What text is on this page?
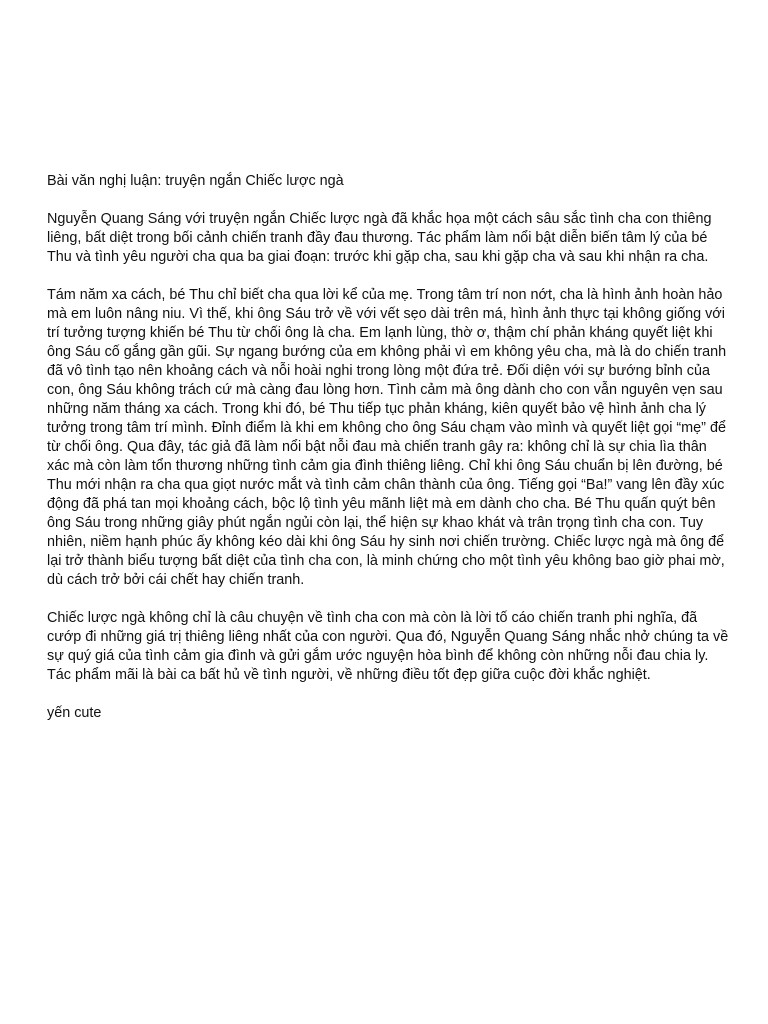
Bài văn nghị luận: truyện ngắn Chiếc lược ngà

Nguyễn Quang Sáng với truyện ngắn Chiếc lược ngà đã khắc họa một cách sâu sắc tình cha con thiêng liêng, bất diệt trong bối cảnh chiến tranh đầy đau thương. Tác phẩm làm nổi bật diễn biến tâm lý của bé Thu và tình yêu người cha qua ba giai đoạn: trước khi gặp cha, sau khi gặp cha và sau khi nhận ra cha.

Tám năm xa cách, bé Thu chỉ biết cha qua lời kể của mẹ. Trong tâm trí non nớt, cha là hình ảnh hoàn hảo mà em luôn nâng niu. Vì thế, khi ông Sáu trở về với vết sẹo dài trên má, hình ảnh thực tại không giống với trí tưởng tượng khiến bé Thu từ chối ông là cha. Em lạnh lùng, thờ ơ, thậm chí phản kháng quyết liệt khi ông Sáu cố gắng gần gũi. Sự ngang bướng của em không phải vì em không yêu cha, mà là do chiến tranh đã vô tình tạo nên khoảng cách và nỗi hoài nghi trong lòng một đứa trẻ. Đối diện với sự bướng bỉnh của con, ông Sáu không trách cứ mà càng đau lòng hơn. Tình cảm mà ông dành cho con vẫn nguyên vẹn sau những năm tháng xa cách. Trong khi đó, bé Thu tiếp tục phản kháng, kiên quyết bảo vệ hình ảnh cha lý tưởng trong tâm trí mình. Đỉnh điểm là khi em không cho ông Sáu chạm vào mình và quyết liệt gọi “mẹ” để từ chối ông. Qua đây, tác giả đã làm nổi bật nỗi đau mà chiến tranh gây ra: không chỉ là sự chia lìa thân xác mà còn làm tổn thương những tình cảm gia đình thiêng liêng. Chỉ khi ông Sáu chuẩn bị lên đường, bé Thu mới nhận ra cha qua giọt nước mắt và tình cảm chân thành của ông. Tiếng gọi “Ba!” vang lên đầy xúc động đã phá tan mọi khoảng cách, bộc lộ tình yêu mãnh liệt mà em dành cho cha. Bé Thu quấn quýt bên ông Sáu trong những giây phút ngắn ngủi còn lại, thể hiện sự khao khát và trân trọng tình cha con. Tuy nhiên, niềm hạnh phúc ấy không kéo dài khi ông Sáu hy sinh nơi chiến trường. Chiếc lược ngà mà ông để lại trở thành biểu tượng bất diệt của tình cha con, là minh chứng cho một tình yêu không bao giờ phai mờ, dù cách trở bởi cái chết hay chiến tranh.

Chiếc lược ngà không chỉ là câu chuyện về tình cha con mà còn là lời tố cáo chiến tranh phi nghĩa, đã cướp đi những giá trị thiêng liêng nhất của con người. Qua đó, Nguyễn Quang Sáng nhắc nhở chúng ta về sự quý giá của tình cảm gia đình và gửi gắm ước nguyện hòa bình để không còn những nỗi đau chia ly. Tác phẩm mãi là bài ca bất hủ về tình người, về những điều tốt đẹp giữa cuộc đời khắc nghiệt.

yến cute
